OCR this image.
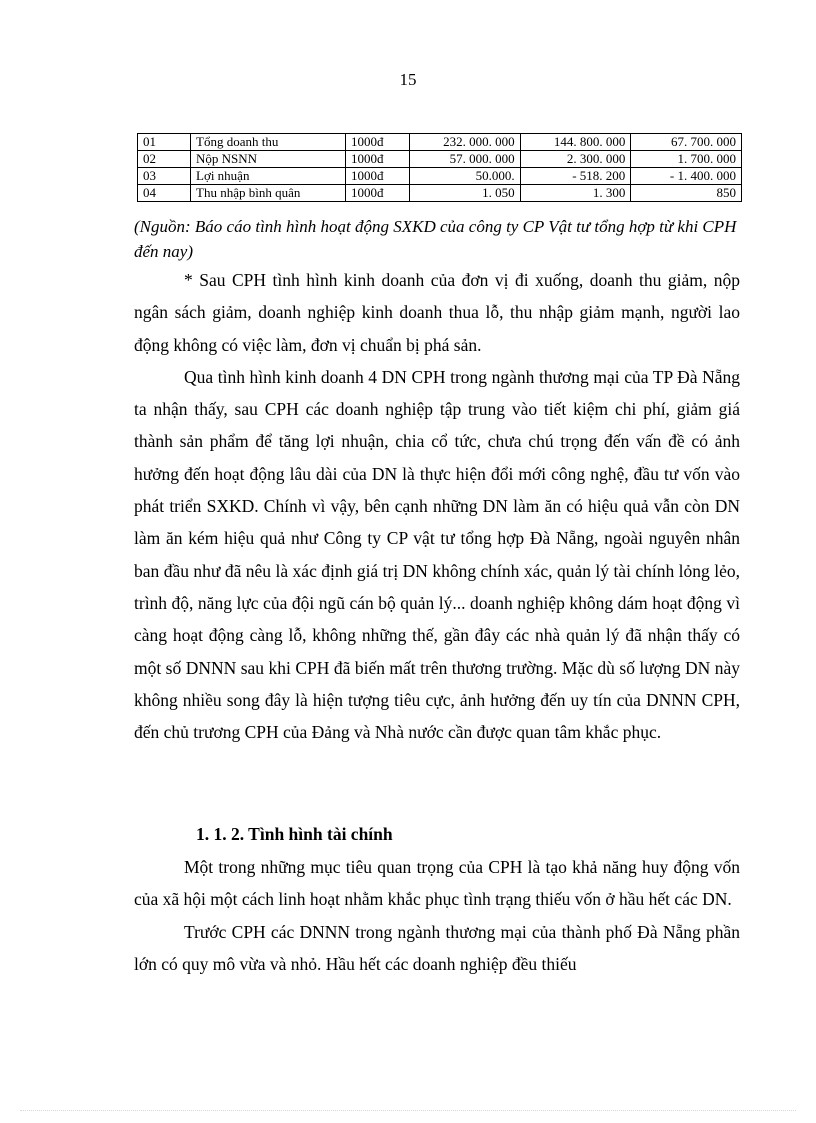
15
01	Tổng doanh thu	1000đ	232. 000. 000	144. 800. 000	67. 700. 000
02	Nộp NSNN	1000đ	57. 000. 000	2. 300. 000	1. 700. 000
03	Lợi nhuận	1000đ	50.000.	- 518. 200	- 1. 400. 000
04	Thu nhập bình quân	1000đ	1. 050	1. 300	850
(Nguồn: Báo cáo tình hình hoạt động SXKD của công ty CP Vật tư tổng hợp từ khi CPH đến nay)

* Sau CPH tình hình kinh doanh của đơn vị đi xuống, doanh thu giảm, nộp ngân sách giảm, doanh nghiệp kinh doanh thua lỗ, thu nhập giảm mạnh, người lao động không có việc làm, đơn vị chuẩn bị phá sản.

Qua tình hình kinh doanh 4 DN CPH trong ngành thương mại của TP Đà Nẵng ta nhận thấy, sau CPH các doanh nghiệp tập trung vào tiết kiệm chi phí, giảm giá thành sản phẩm để tăng lợi nhuận, chia cổ tức, chưa chú trọng đến vấn đề có ảnh hưởng đến hoạt động lâu dài của DN là thực hiện đổi mới công nghệ, đầu tư vốn vào phát triển SXKD. Chính vì vậy, bên cạnh những DN làm ăn có hiệu quả vẫn còn DN làm ăn kém hiệu quả như Công ty CP vật tư tổng hợp Đà Nẵng, ngoài nguyên nhân ban đầu như đã nêu là xác định giá trị DN không chính xác, quản lý tài chính lỏng lẻo, trình độ, năng lực của đội ngũ cán bộ quản lý... doanh nghiệp không dám hoạt động vì càng hoạt động càng lỗ, không những thế, gần đây các nhà quản lý đã nhận thấy có một số DNNN sau khi CPH đã biến mất trên thương trường. Mặc dù số lượng DN này không nhiều song đây là hiện tượng tiêu cực, ảnh hưởng đến uy tín của DNNN CPH, đến chủ trương CPH của Đảng và Nhà nước cần được quan tâm khắc phục.

1. 1. 2. Tình hình tài chính

Một trong những mục tiêu quan trọng của CPH là tạo khả năng huy động vốn của xã hội một cách linh hoạt nhằm khắc phục tình trạng thiếu vốn ở hầu hết các DN.

Trước CPH các DNNN trong ngành thương mại của thành phố Đà Nẵng phần lớn có quy mô vừa và nhỏ. Hầu hết các doanh nghiệp đều thiếu
